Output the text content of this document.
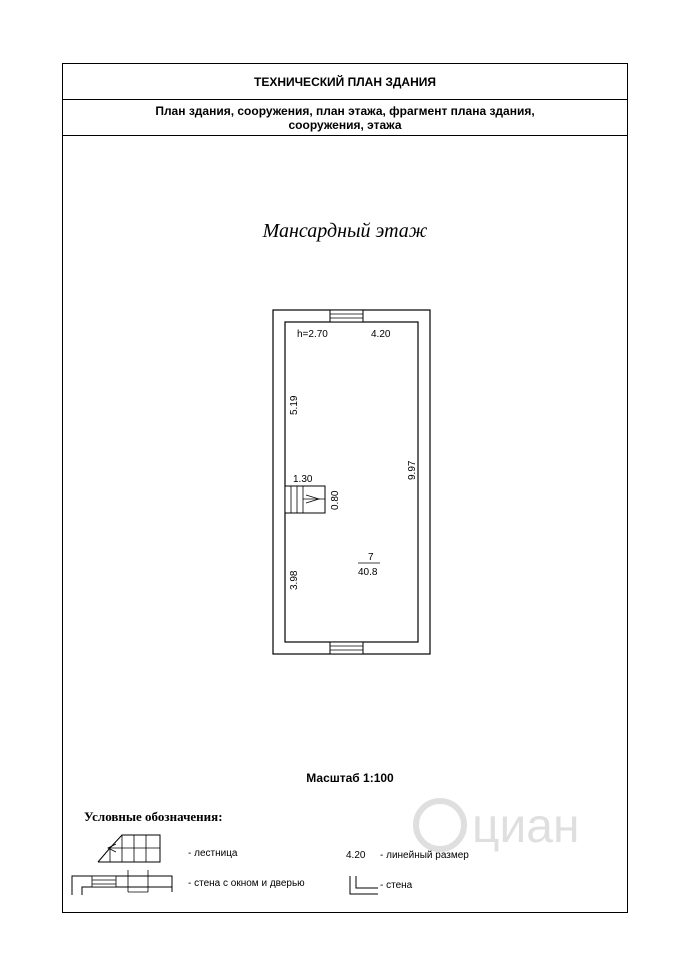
ТЕХНИЧЕСКИЙ ПЛАН ЗДАНИЯ
План здания, сооружения, план этажа, фрагмент плана здания, сооружения, этажа
Мансардный этаж
Масштаб 1:100
Условные обозначения:
h=2.70	4.20
5.19
9.97
1.30
0.80
3.98
7
40.8
4.20
- лестница
- стена с окном и дверью
- линейный размер
- стена
циан
